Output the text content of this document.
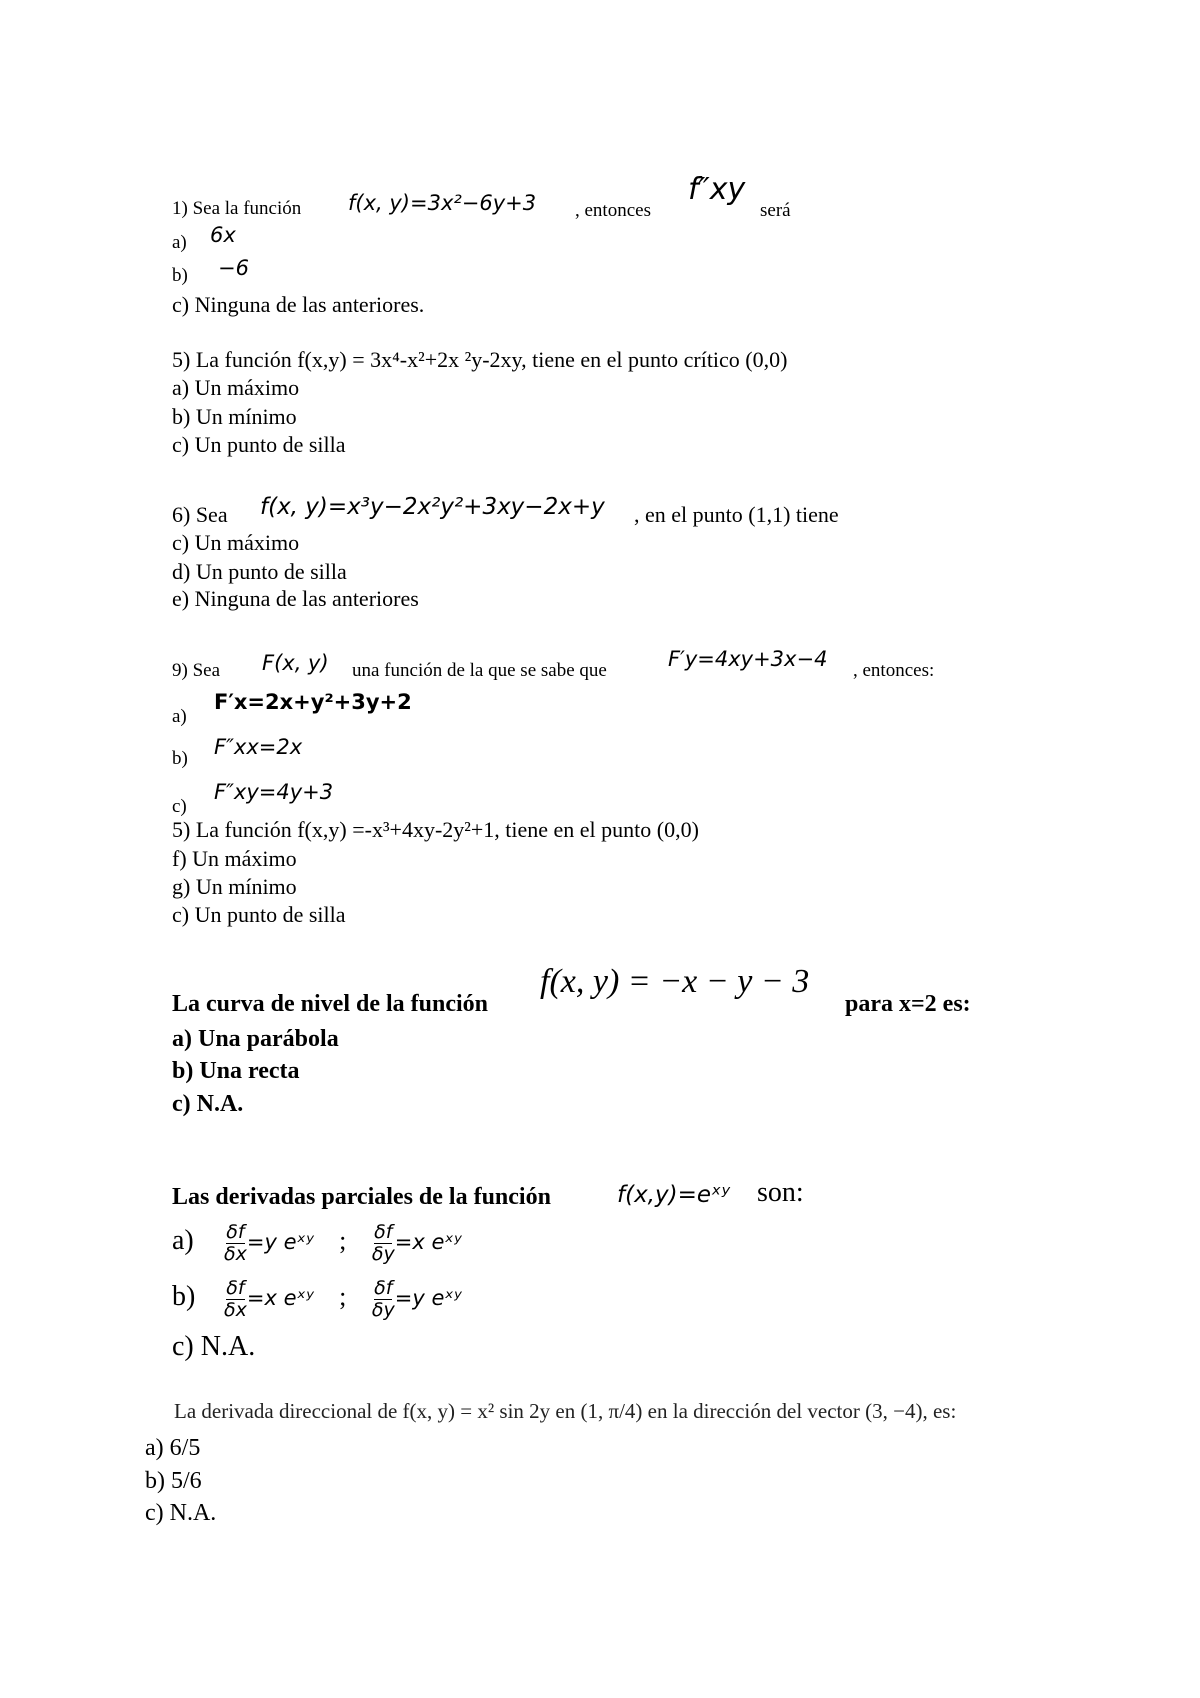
1) Sea la función f(x, y)=3x²−6y+3 , entonces
f″xy
será
a) 6x
b) −6
c) Ninguna de las anteriores.
5) La función f(x,y) = 3x⁴-x²+2x ²y-2xy, tiene en el punto crítico (0,0)
a) Un máximo
b) Un mínimo
c) Un punto de silla
6) Sea f(x, y)=x³y−2x²y²+3xy−2x+y , en el punto (1,1) tiene
c) Un máximo
d) Un punto de silla
e) Ninguna de las anteriores
9) Sea F(x, y) una función de la que se sabe que	F′y=4xy+3x−4 , entonces:
a)
F′x=2x+y²+3y+2
b) F″xx=2x
c)
F″xy=4y+3
5) La función f(x,y) =-x³+4xy-2y²+1, tiene en el punto (0,0)
f) Un máximo
g) Un mínimo
c) Un punto de silla
La curva de nivel de la función
f(x, y) = −x − y − 3
para x=2 es:
a) Una parábola
b) Una recta
c) N.A.
Las derivadas parciales de la función	f(x,y)=eˣʸ son:
$a) \frac{\delta f}{\delta x} =y$ eˣʸ ; $\frac{\delta f}{\delta y} =x$ eˣʸ
$b) \frac{\delta f}{\delta x} =x$ eˣʸ ; $\frac{\delta f}{\delta y} =y$ eˣʸ
c) N.A.
La derivada direccional de f(x, y) = x² sin 2y en (1, π/4) en la dirección del vector (3, −4), es:
a) 6/5
b) 5/6
c) N.A.
